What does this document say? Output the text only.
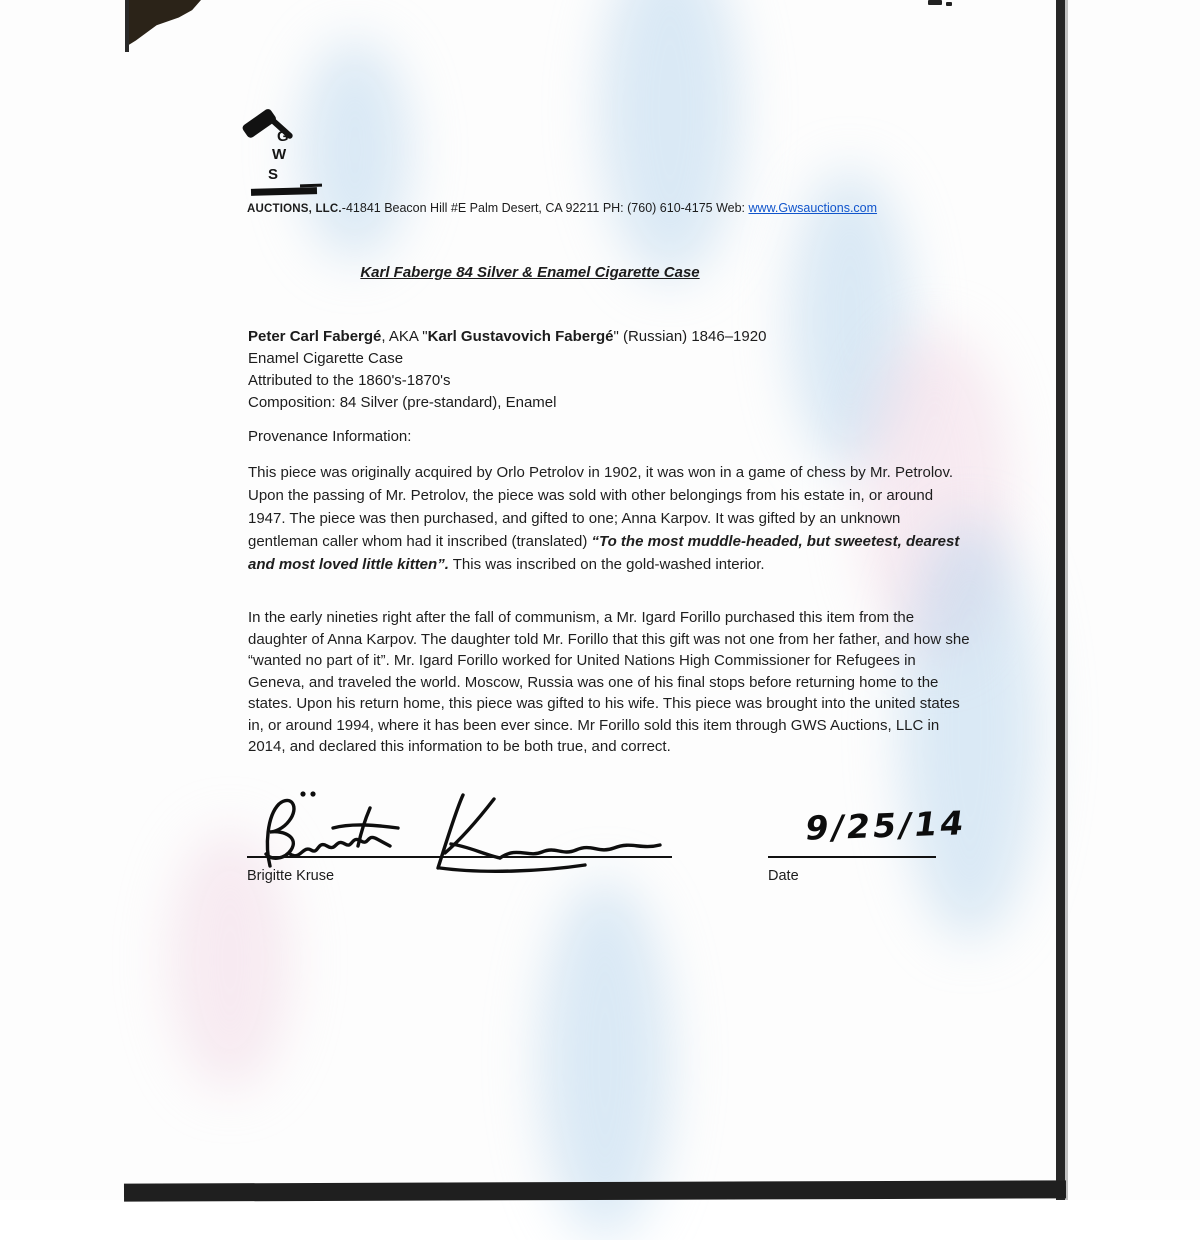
G
W
S
AUCTIONS, LLC.-41841 Beacon Hill #E Palm Desert, CA 92211 PH: (760) 610-4175 Web: www.Gwsauctions.com
Karl Faberge 84 Silver & Enamel Cigarette Case
Peter Carl Fabergé, AKA "Karl Gustavovich Fabergé" (Russian) 1846–1920
Enamel Cigarette Case
Attributed to the 1860's-1870's
Composition: 84 Silver (pre-standard), Enamel
Provenance Information:
This piece was originally acquired by Orlo Petrolov in 1902, it was won in a game of chess by Mr. Petrolov. Upon the passing of Mr. Petrolov, the piece was sold with other belongings from his estate in, or around 1947. The piece was then purchased, and gifted to one; Anna Karpov. It was gifted by an unknown gentleman caller whom had it inscribed (translated) “To the most muddle-headed, but sweetest, dearest and most loved little kitten”. This was inscribed on the gold-washed interior.
In the early nineties right after the fall of communism, a Mr. Igard Forillo purchased this item from the daughter of Anna Karpov. The daughter told Mr. Forillo that this gift was not one from her father, and how she “wanted no part of it”. Mr. Igard Forillo worked for United Nations High Commissioner for Refugees in Geneva, and traveled the world. Moscow, Russia was one of his final stops before returning home to the states. Upon his return home, this piece was gifted to his wife. This piece was brought into the united states in, or around 1994, where it has been ever since. Mr Forillo sold this item through GWS Auctions, LLC in 2014, and declared this information to be both true, and correct.
Brigitte Kruse
9/25/14
Date
